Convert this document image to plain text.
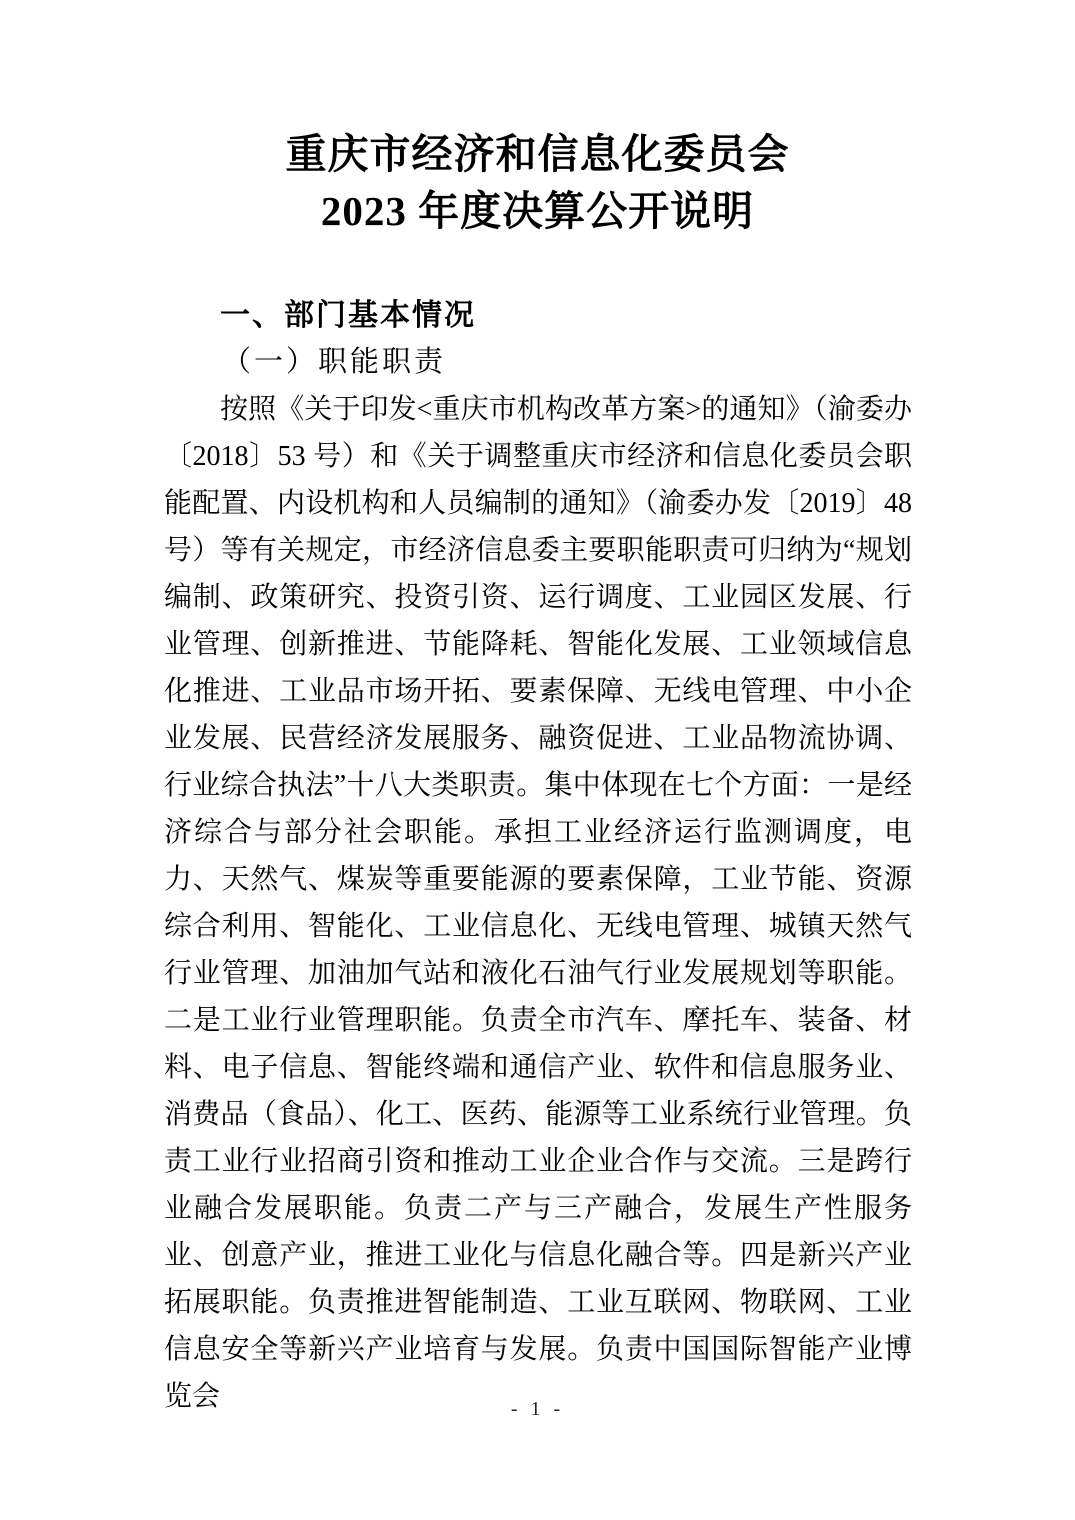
重庆市经济和信息化委员会
2023 年度决算公开说明
一、部门基本情况
（一）职能职责

按照《关于印发<重庆市机构改革方案>的通知》（渝委办〔2018〕53 号）和《关于调整重庆市经济和信息化委员会职能配置、内设机构和人员编制的通知》（渝委办发〔2019〕48 号）等有关规定，市经济信息委主要职能职责可归纳为“规划编制、政策研究、投资引资、运行调度、工业园区发展、行业管理、创新推进、节能降耗、智能化发展、工业领域信息化推进、工业品市场开拓、要素保障、无线电管理、中小企业发展、民营经济发展服务、融资促进、工业品物流协调、行业综合执法”十八大类职责。集中体现在七个方面：一是经济综合与部分社会职能。承担工业经济运行监测调度，电力、天然气、煤炭等重要能源的要素保障，工业节能、资源综合利用、智能化、工业信息化、无线电管理、城镇天然气行业管理、加油加气站和液化石油气行业发展规划等职能。二是工业行业管理职能。负责全市汽车、摩托车、装备、材料、电子信息、智能终端和通信产业、软件和信息服务业、消费品（食品）、化工、医药、能源等工业系统行业管理。负责工业行业招商引资和推动工业企业合作与交流。三是跨行业融合发展职能。负责二产与三产融合，发展生产性服务业、创意产业，推进工业化与信息化融合等。四是新兴产业拓展职能。负责推进智能制造、工业互联网、物联网、工业信息安全等新兴产业培育与发展。负责中国国际智能产业博览会	- 1 -
